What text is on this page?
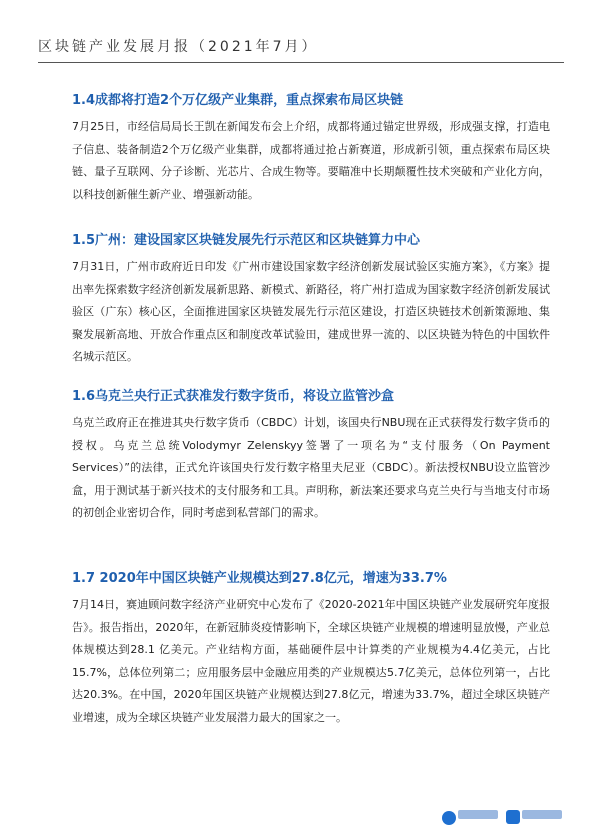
区块链产业发展月报（2021年7月）
1.4成都将打造2个万亿级产业集群，重点探索布局区块链

7月25日，市经信局局长王凯在新闻发布会上介绍，成都将通过锚定世界级，形成强支撑，打造电子信息、装备制造2个万亿级产业集群，成都将通过抢占新赛道，形成新引领，重点探索布局区块链、量子互联网、分子诊断、光芯片、合成生物等。要瞄准中长期颠覆性技术突破和产业化方向，以科技创新催生新产业、增强新动能。

1.5广州：建设国家区块链发展先行示范区和区块链算力中心

7月31日，广州市政府近日印发《广州市建设国家数字经济创新发展试验区实施方案》，《方案》提出率先探索数字经济创新发展新思路、新模式、新路径，将广州打造成为国家数字经济创新发展试验区（广东）核心区，全面推进国家区块链发展先行示范区建设，打造区块链技术创新策源地、集聚发展新高地、开放合作重点区和制度改革试验田，建成世界一流的、以区块链为特色的中国软件名城示范区。

1.6乌克兰央行正式获准发行数字货币，将设立监管沙盒

乌克兰政府正在推进其央行数字货币（CBDC）计划，该国央行NBU现在正式获得发行数字货币的授权。乌克兰总统Volodymyr Zelenskyy签署了一项名为“支付服务（On Payment Services）”的法律，正式允许该国央行发行数字格里夫尼亚（CBDC）。新法授权NBU设立监管沙盒，用于测试基于新兴技术的支付服务和工具。声明称，新法案还要求乌克兰央行与当地支付市场的初创企业密切合作，同时考虑到私营部门的需求。

1.7 2020年中国区块链产业规模达到27.8亿元，增速为33.7%

7月14日，赛迪顾问数字经济产业研究中心发布了《2020-2021年中国区块链产业发展研究年度报告》。报告指出，2020年，在新冠肺炎疫情影响下，全球区块链产业规模的增速明显放慢，产业总体规模达到28.1 亿美元。产业结构方面，基础硬件层中计算类的产业规模为4.4亿美元，占比15.7%，总体位列第二；应用服务层中金融应用类的产业规模达5.7亿美元，总体位列第一，占比达20.3%。在中国，2020年国区块链产业规模达到27.8亿元，增速为33.7%，超过全球区块链产业增速，成为全球区块链产业发展潜力最大的国家之一。
